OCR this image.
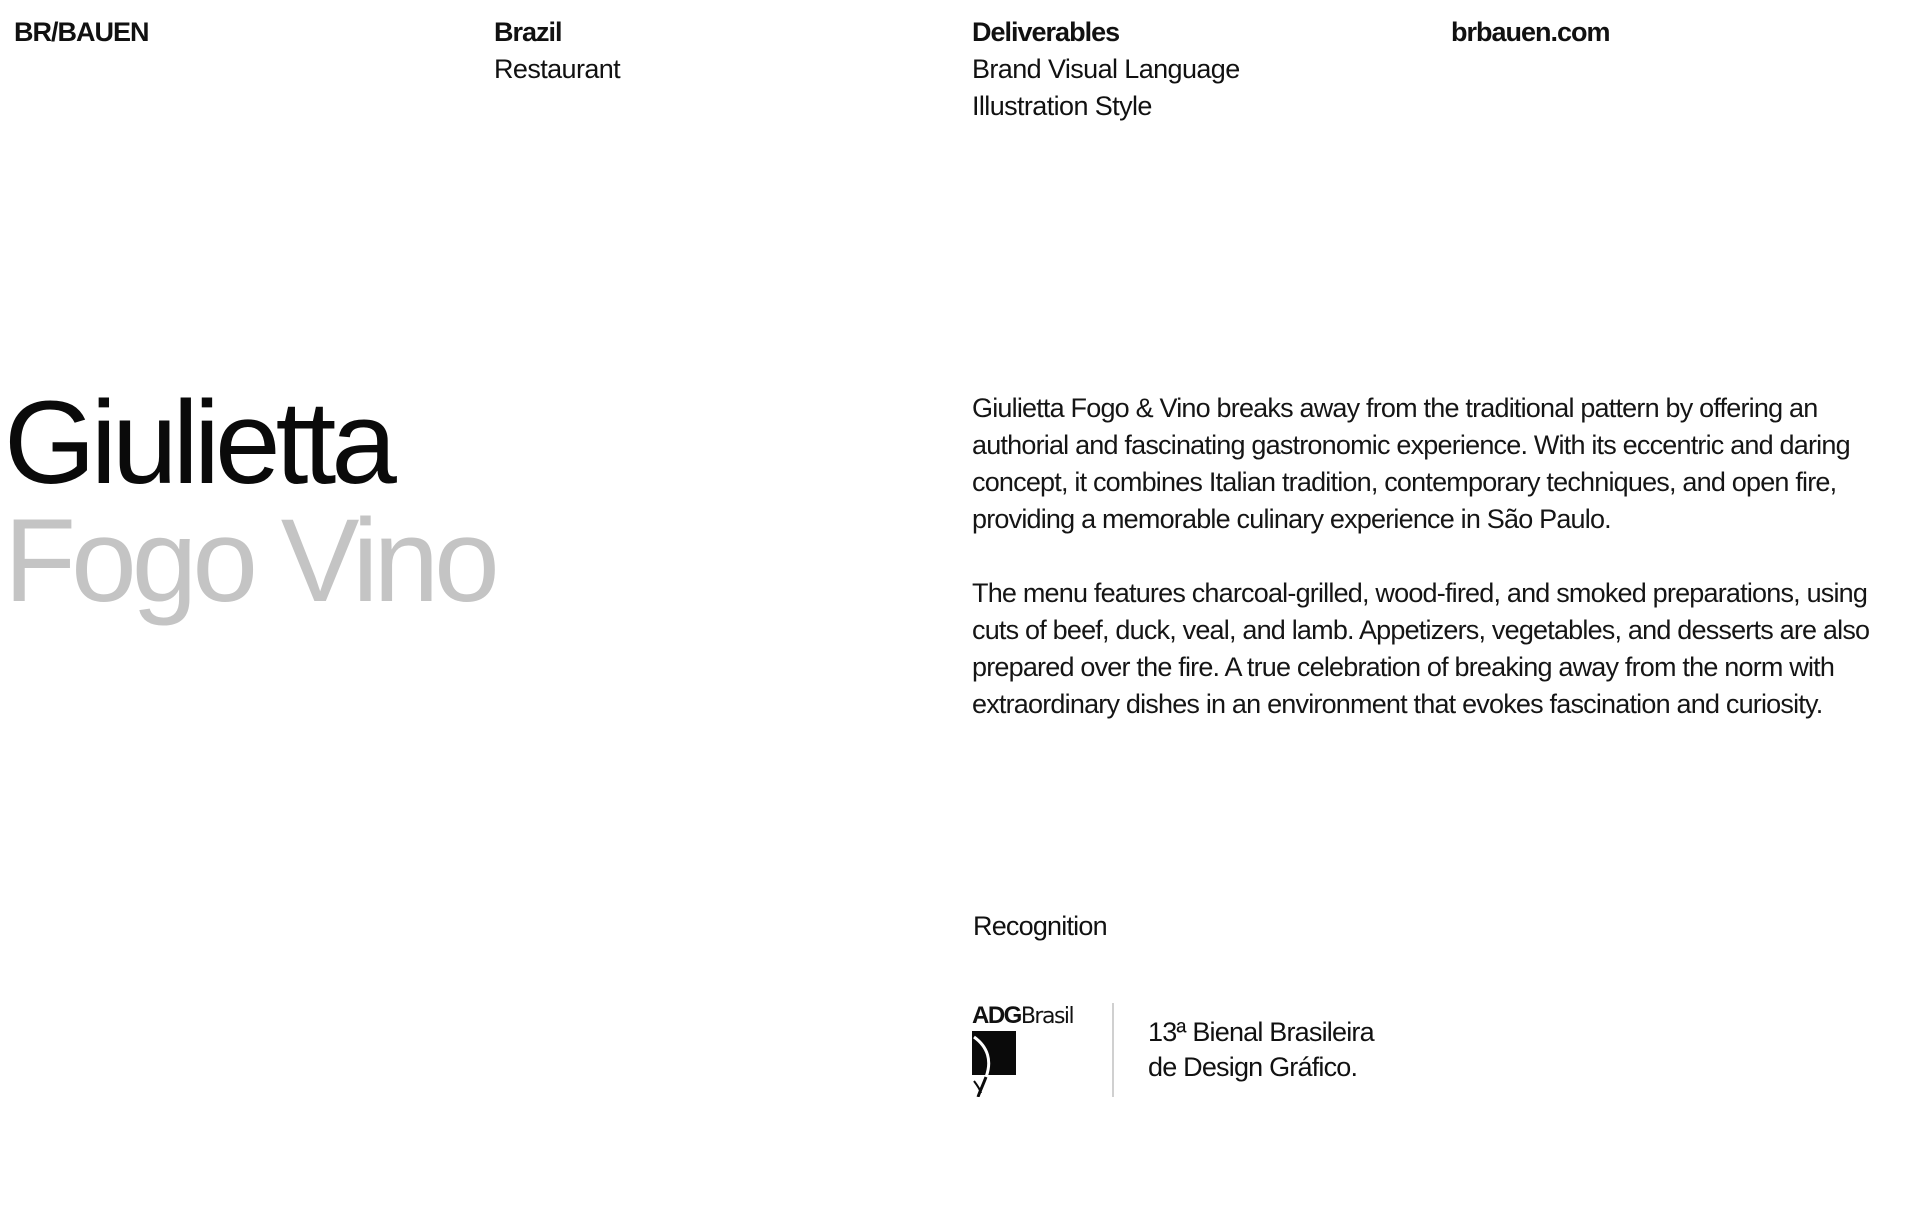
BR/BAUEN	Brazil
Restaurant
Deliverables
Brand Visual Language
Illustration Style
brbauen.com
Giulietta
Fogo Vino

Giulietta Fogo & Vino breaks away from the traditional pattern by offering an authorial and fascinating gastronomic experience. With its eccentric and daring concept, it combines Italian tradition, contemporary techniques, and open fire, providing a memorable culinary experience in São Paulo.

The menu features charcoal-grilled, wood-fired, and smoked preparations, using cuts of beef, duck, veal, and lamb. Appetizers, vegetables, and desserts are also prepared over the fire. A true celebration of breaking away from the norm with extraordinary dishes in an environment that evokes fascination and curiosity.

Recognition
ADGBrasil
13ª Bienal Brasileira
de Design Gráfico.
